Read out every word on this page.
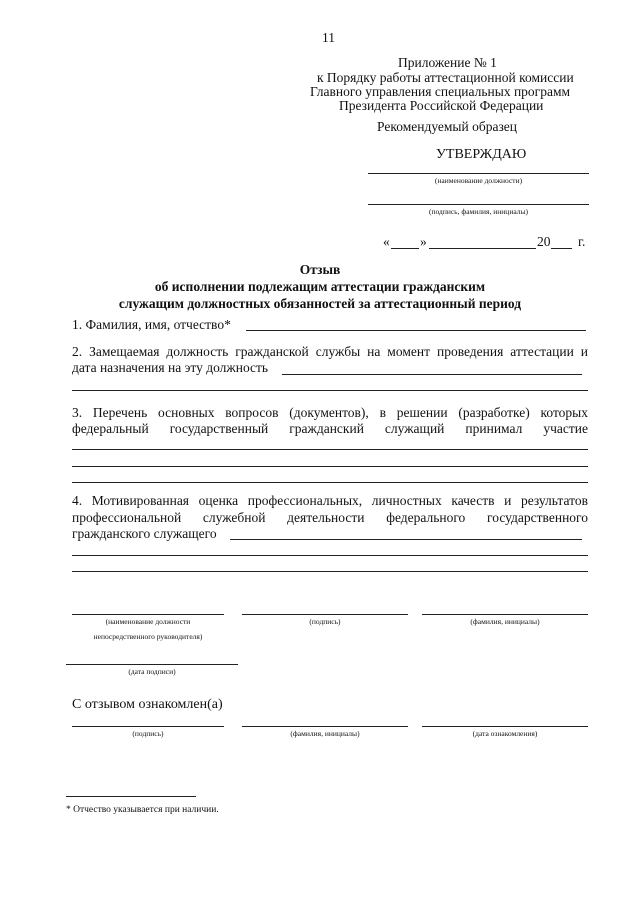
11
Приложение № 1
к Порядку работы аттестационной комиссии
Главного управления специальных программ
Президента Российской Федерации
Рекомендуемый образец
УТВЕРЖДАЮ
(наименование должности)
(подпись, фамилия, инициалы)
« »	20 г.
Отзыв
об исполнении подлежащим аттестации гражданским
служащим должностных обязанностей за аттестационный период
1. Фамилия, имя, отчество*
2. Замещаемая должность гражданской службы на момент проведения аттестации и
дата назначения на эту должность
3. Перечень основных вопросов (документов), в решении (разработке) которых
федеральный государственный гражданский служащий принимал участие
4. Мотивированная оценка профессиональных, личностных качеств и результатов
профессиональной служебной деятельности федерального государственного
гражданского служащего
(наименование должности
непосредственного руководителя)
(подпись)	(фамилия, инициалы)
(дата подписи)
С отзывом ознакомлен(а)
(подпись)	(фамилия, инициалы)	(дата ознакомления)
* Отчество указывается при наличии.
